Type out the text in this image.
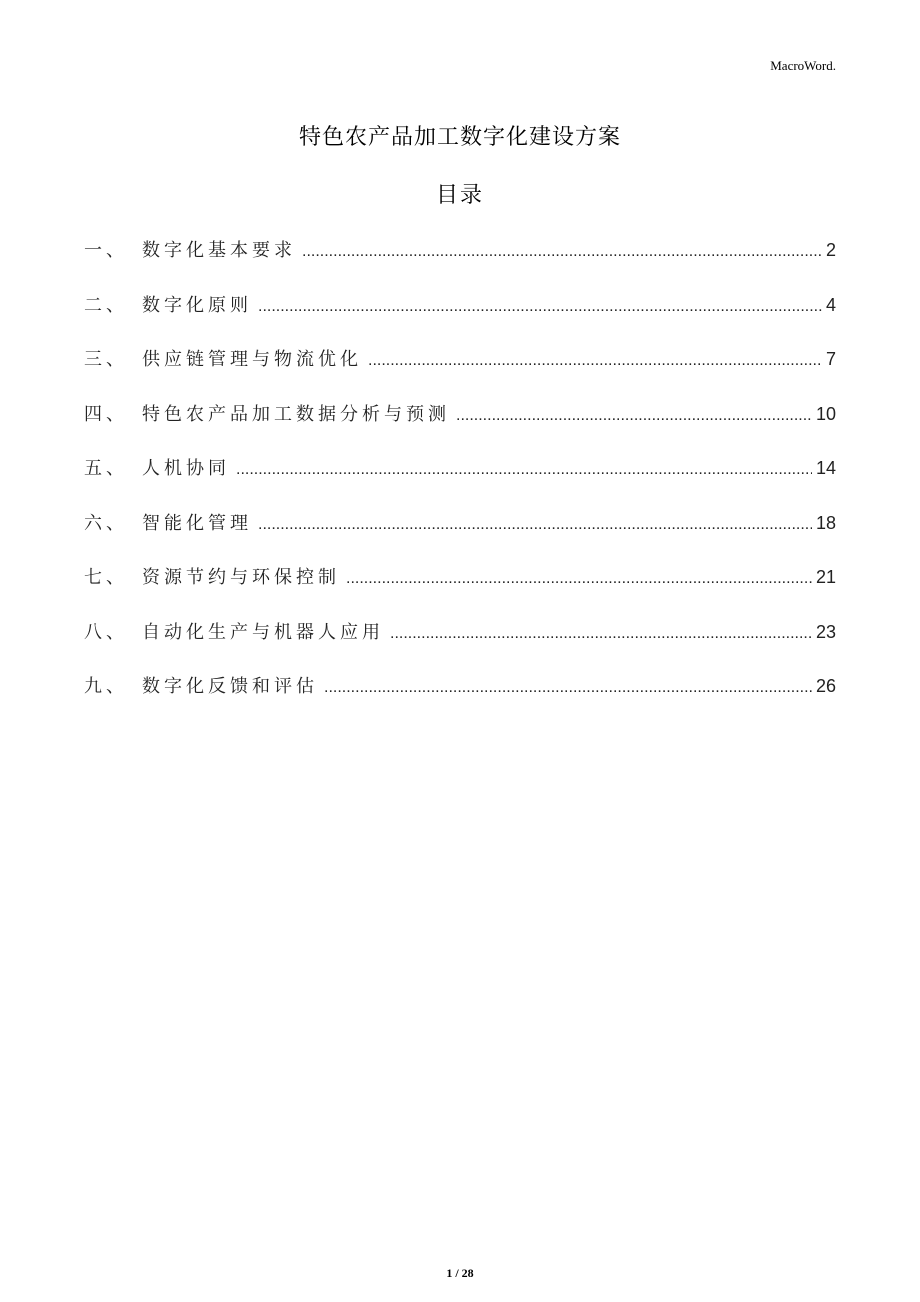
MacroWord.
特色农产品加工数字化建设方案
目录
一、 数字化基本要求 .....	2
二、 数字化原则 .....	4
三、 供应链管理与物流优化 .....	7
四、 特色农产品加工数据分析与预测 .....	10
五、 人机协同 .....	14
六、 智能化管理 .....	18
七、 资源节约与环保控制 .....	21
八、 自动化生产与机器人应用 .....	23
九、 数字化反馈和评估 .....	26
1 / 28
